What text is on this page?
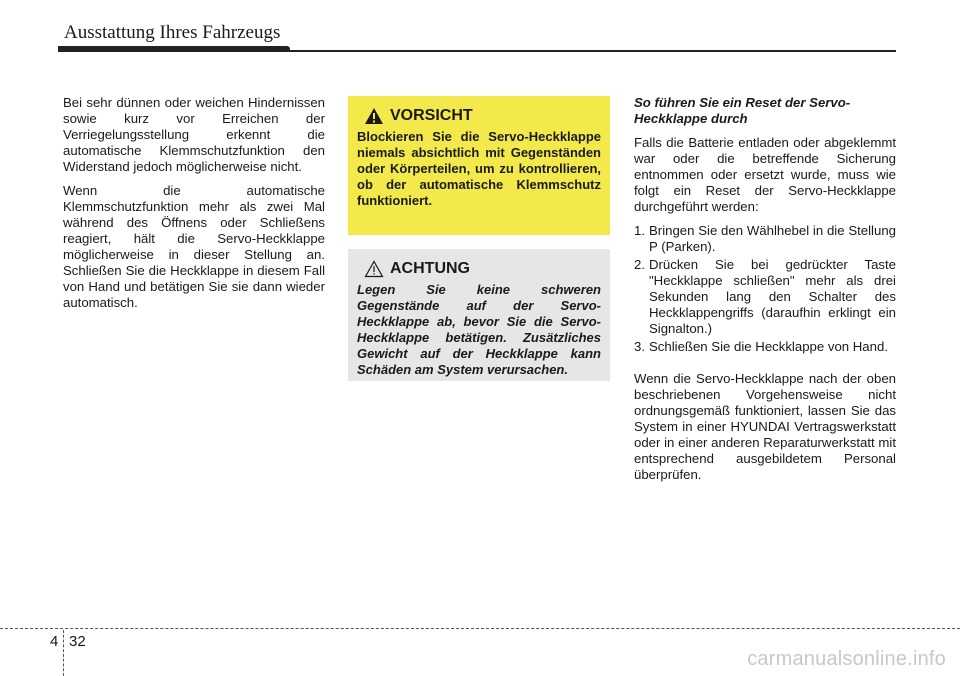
Ausstattung Ihres Fahrzeugs

Bei sehr dünnen oder weichen Hindernissen sowie kurz vor Erreichen der Verriegelungsstellung erkennt die automatische Klemmschutzfunktion den Widerstand jedoch möglicherweise nicht.

Wenn die automatische Klemmschutzfunktion mehr als zwei Mal während des Öffnens oder Schließens reagiert, hält die Servo-Heckklappe möglicherweise in dieser Stellung an. Schließen Sie die Heckklappe in diesem Fall von Hand und betätigen Sie sie dann wieder automatisch.

VORSICHT
Blockieren Sie die Servo-Heckklappe niemals absichtlich mit Gegenständen oder Körperteilen, um zu kontrollieren, ob der automatische Klemmschutz funktioniert.
ACHTUNG
Legen Sie keine schweren Gegenstände auf der Servo-Heckklappe ab, bevor Sie die Servo-Heckklappe betätigen. Zusätzliches Gewicht auf der Heckklappe kann Schäden am System verursachen.

So führen Sie ein Reset der Servo-Heckklappe durch

Falls die Batterie entladen oder abgeklemmt war oder die betreffende Sicherung entnommen oder ersetzt wurde, muss wie folgt ein Reset der Servo-Heckklappe durchgeführt werden:

1. Bringen Sie den Wählhebel in die Stellung P (Parken).
2. Drücken Sie bei gedrückter Taste "Heckklappe schließen" mehr als drei Sekunden lang den Schalter des Heckklappengriffs (daraufhin erklingt ein Signalton.)
3. Schließen Sie die Heckklappe von Hand.

Wenn die Servo-Heckklappe nach der oben beschriebenen Vorgehensweise nicht ordnungsgemäß funktioniert, lassen Sie das System in einer HYUNDAI Vertragswerkstatt oder in einer anderen Reparaturwerkstatt mit entsprechend ausgebildetem Personal überprüfen.

4 32
carmanualsonline.info
